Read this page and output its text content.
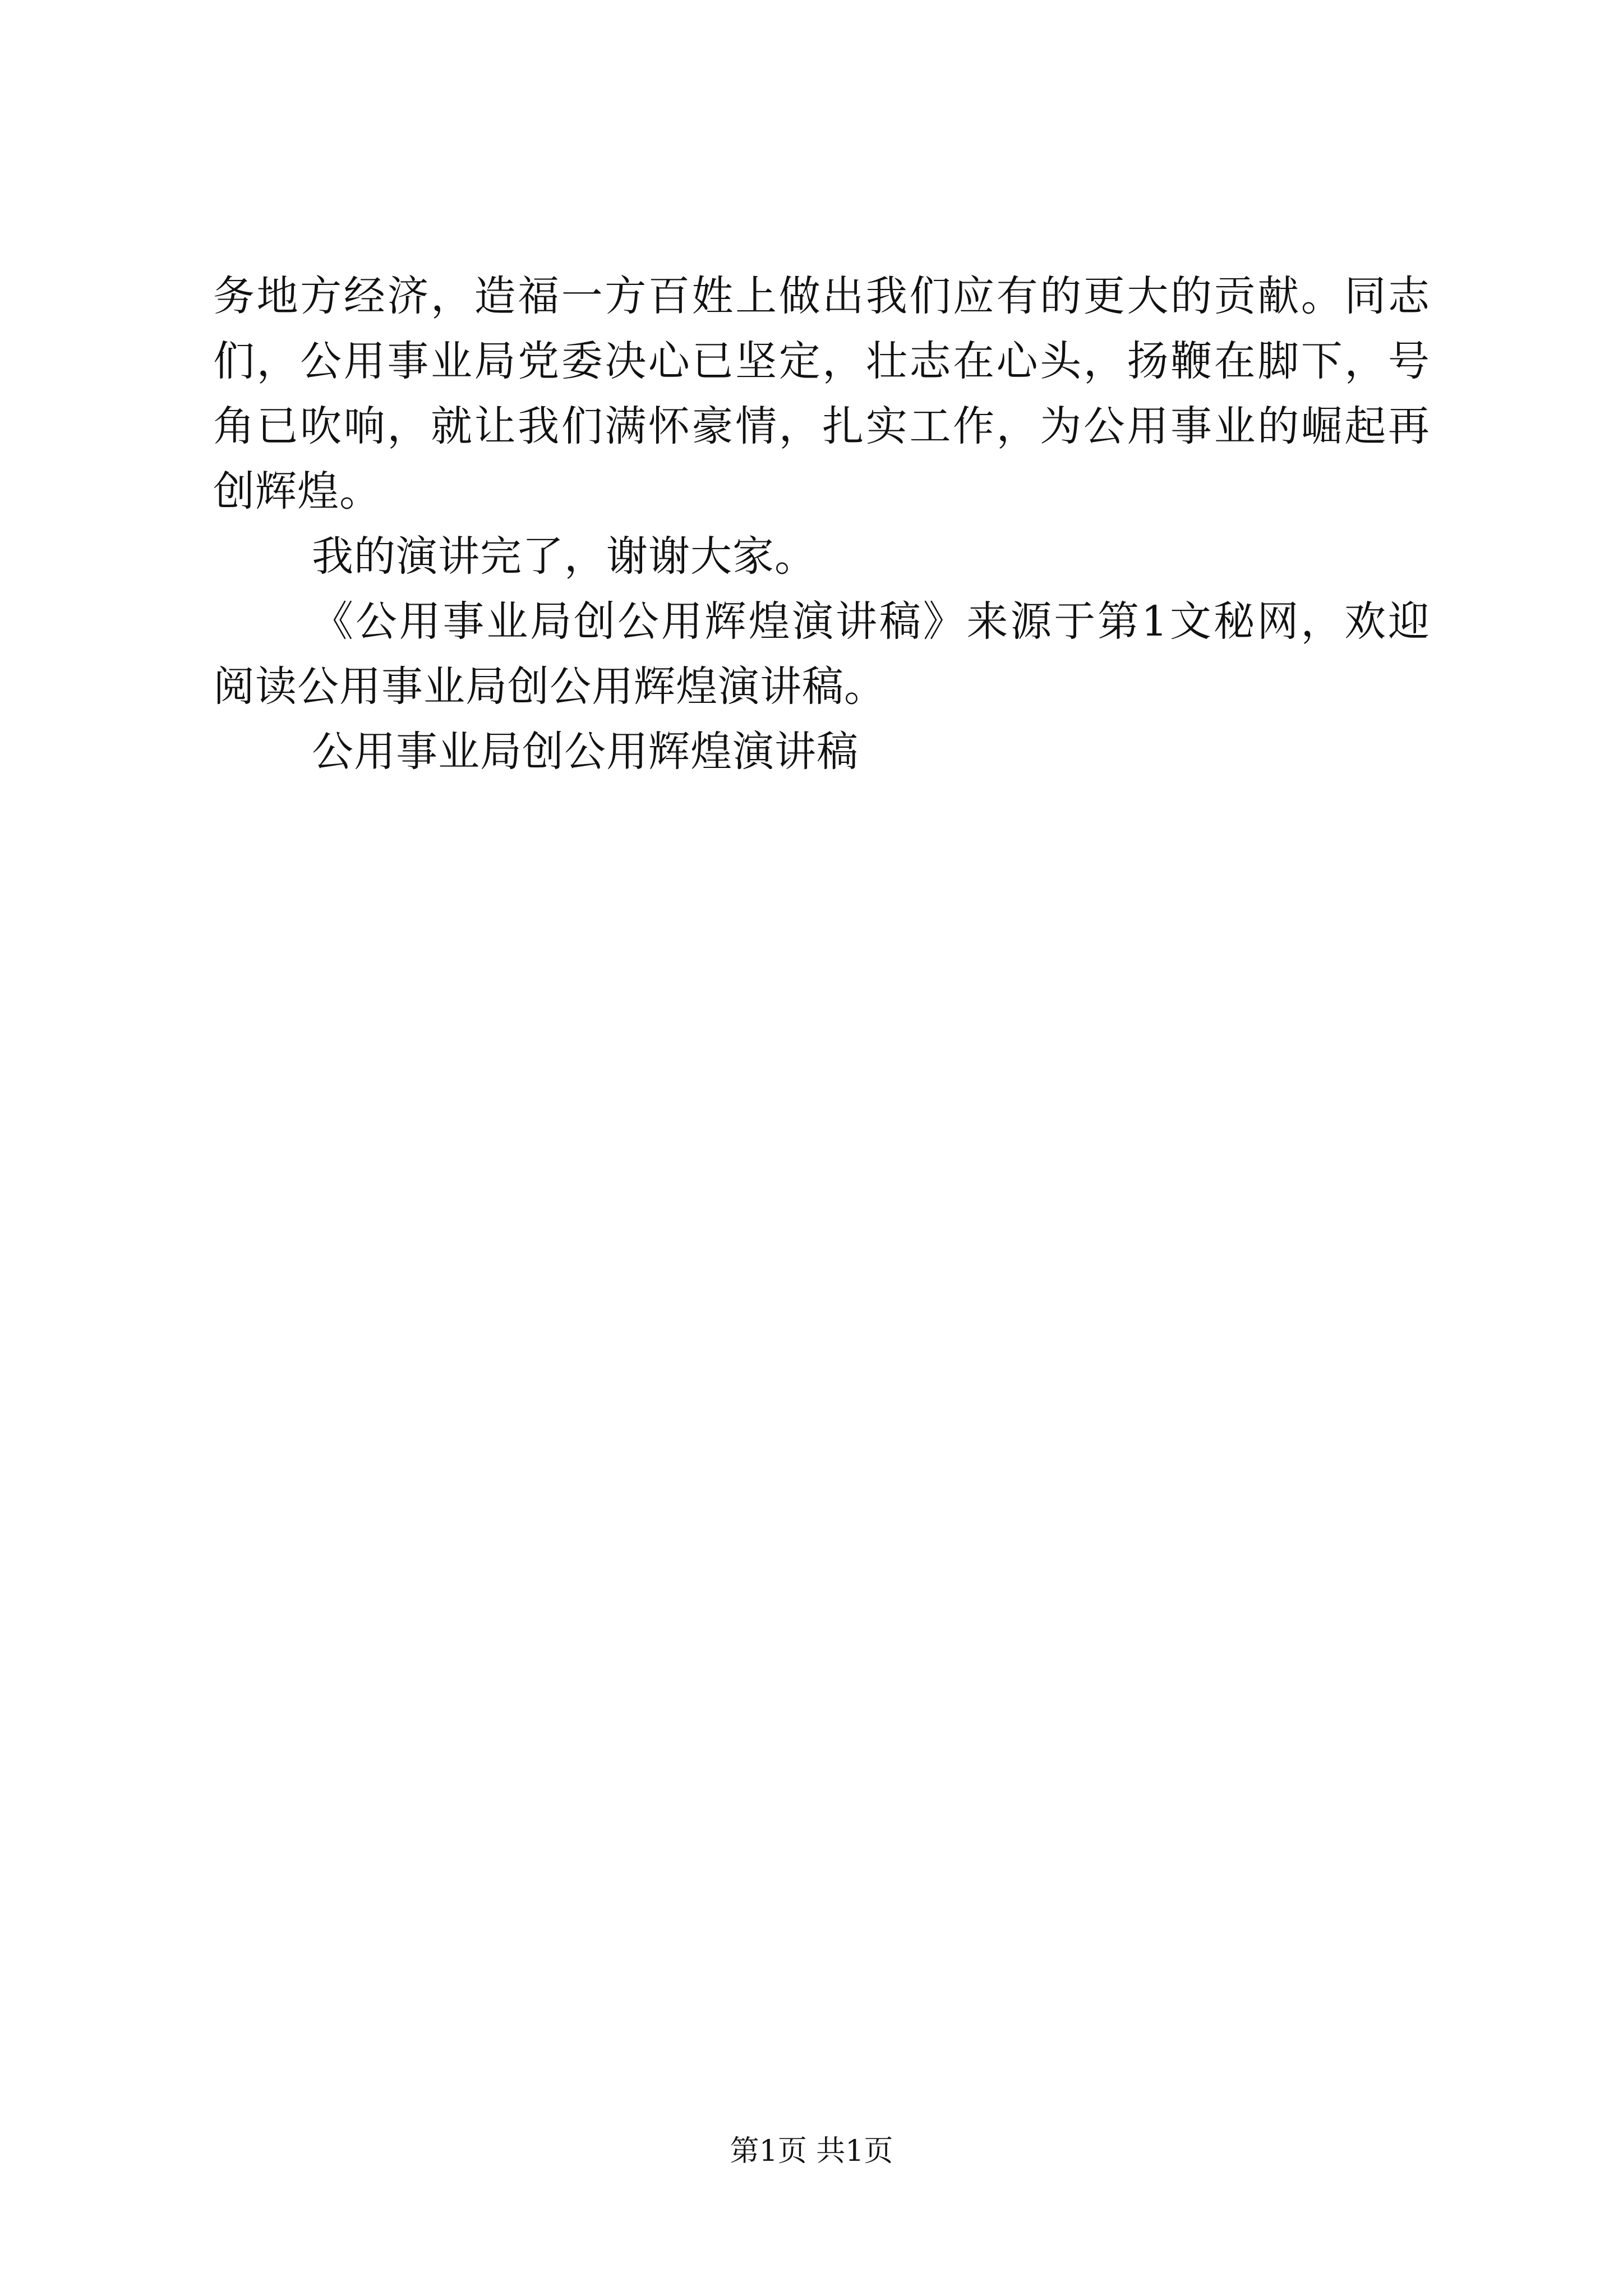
务地方经济，造福一方百姓上做出我们应有的更大的贡献。同志
们，公用事业局党委决心已坚定，壮志在心头，扬鞭在脚下，号
角已吹响，就让我们满怀豪情，扎实工作，为公用事业的崛起再
创辉煌。
我的演讲完了，谢谢大家。
《公用事业局创公用辉煌演讲稿》来源于第1文秘网，欢迎
阅读公用事业局创公用辉煌演讲稿。
公用事业局创公用辉煌演讲稿
第1页 共1页
